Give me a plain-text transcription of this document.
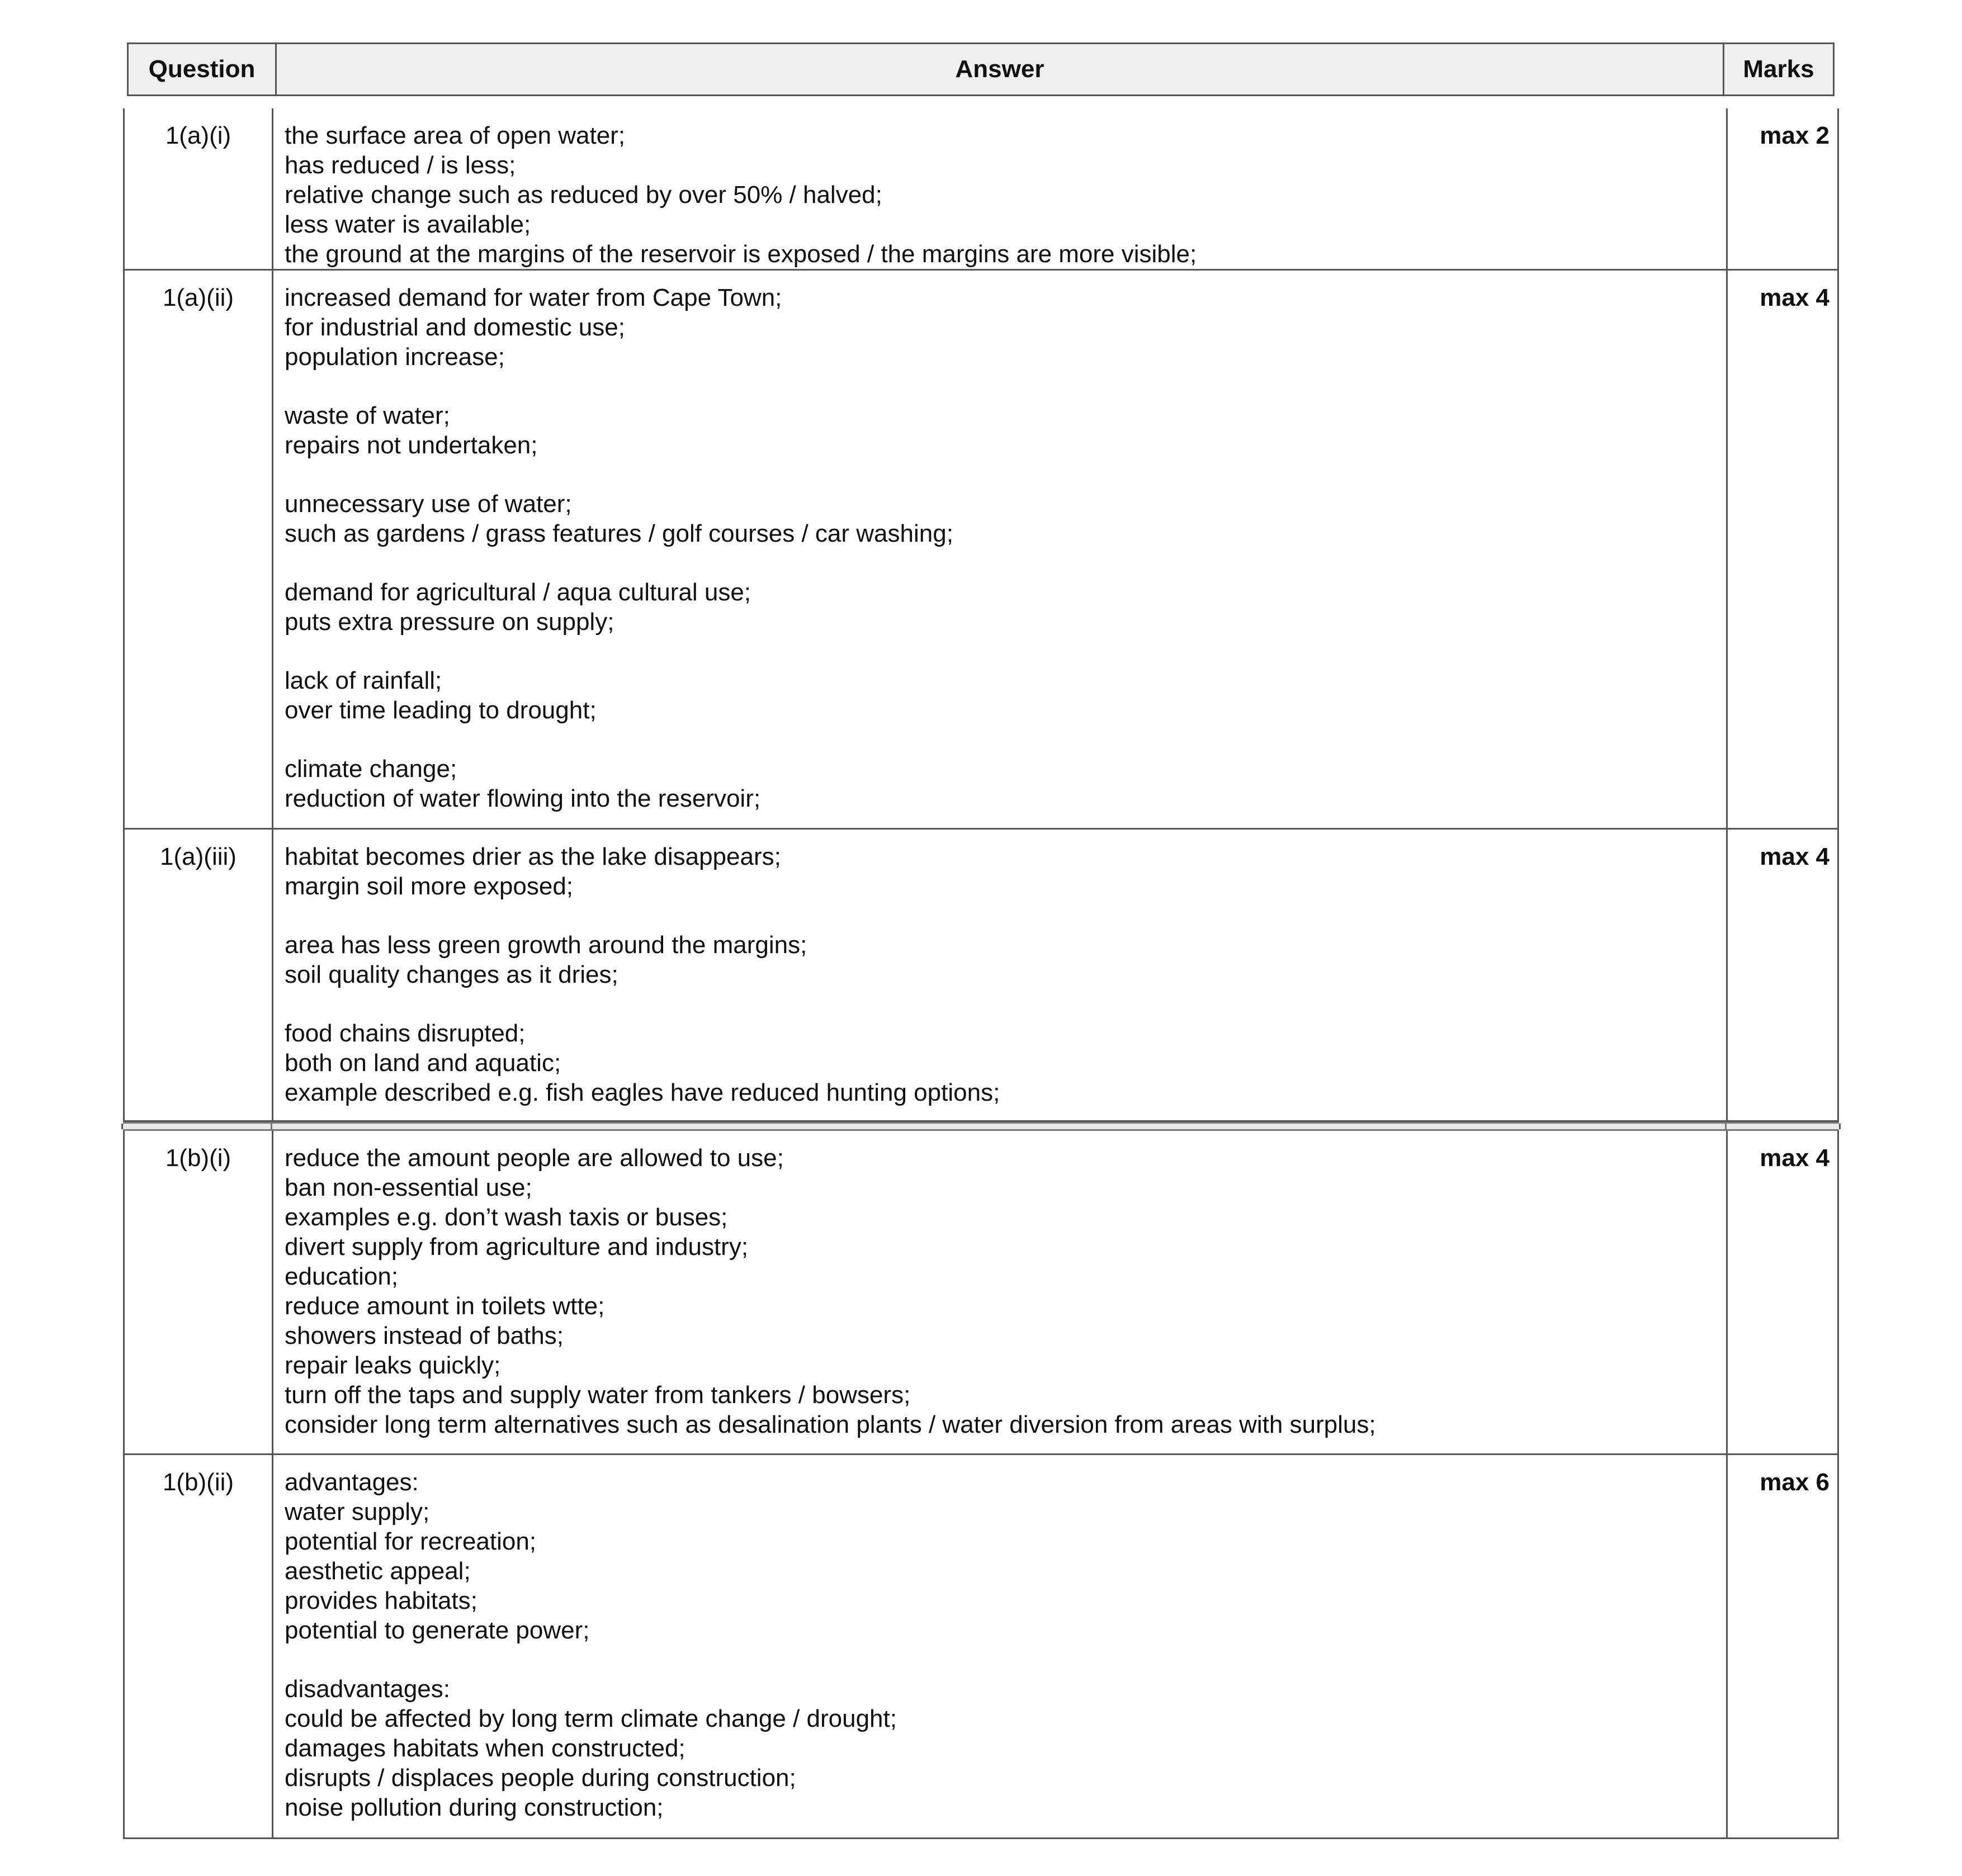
Question	Answer	Marks
1(a)(i)	the surface area of open water;
has reduced / is less;
relative change such as reduced by over 50% / halved;
less water is available;
the ground at the margins of the reservoir is exposed / the margins are more visible;
max 2
1(a)(ii)	increased demand for water from Cape Town;
for industrial and domestic use;
population increase;
waste of water;
repairs not undertaken;
unnecessary use of water;
such as gardens / grass features / golf courses / car washing;
demand for agricultural / aqua cultural use;
puts extra pressure on supply;
lack of rainfall;
over time leading to drought;
climate change;
reduction of water flowing into the reservoir;
max 4
1(a)(iii)	habitat becomes drier as the lake disappears;
margin soil more exposed;
area has less green growth around the margins;
soil quality changes as it dries;
food chains disrupted;
both on land and aquatic;
example described e.g. fish eagles have reduced hunting options;
max 4
1(b)(i)	reduce the amount people are allowed to use;
ban non-essential use;
examples e.g. don’t wash taxis or buses;
divert supply from agriculture and industry;
education;
reduce amount in toilets wtte;
showers instead of baths;
repair leaks quickly;
turn off the taps and supply water from tankers / bowsers;
consider long term alternatives such as desalination plants / water diversion from areas with surplus;
max 4
1(b)(ii)	advantages:
water supply;
potential for recreation;
aesthetic appeal;
provides habitats;
potential to generate power;
disadvantages:
could be affected by long term climate change / drought;
damages habitats when constructed;
disrupts / displaces people during construction;
noise pollution during construction;
max 6
